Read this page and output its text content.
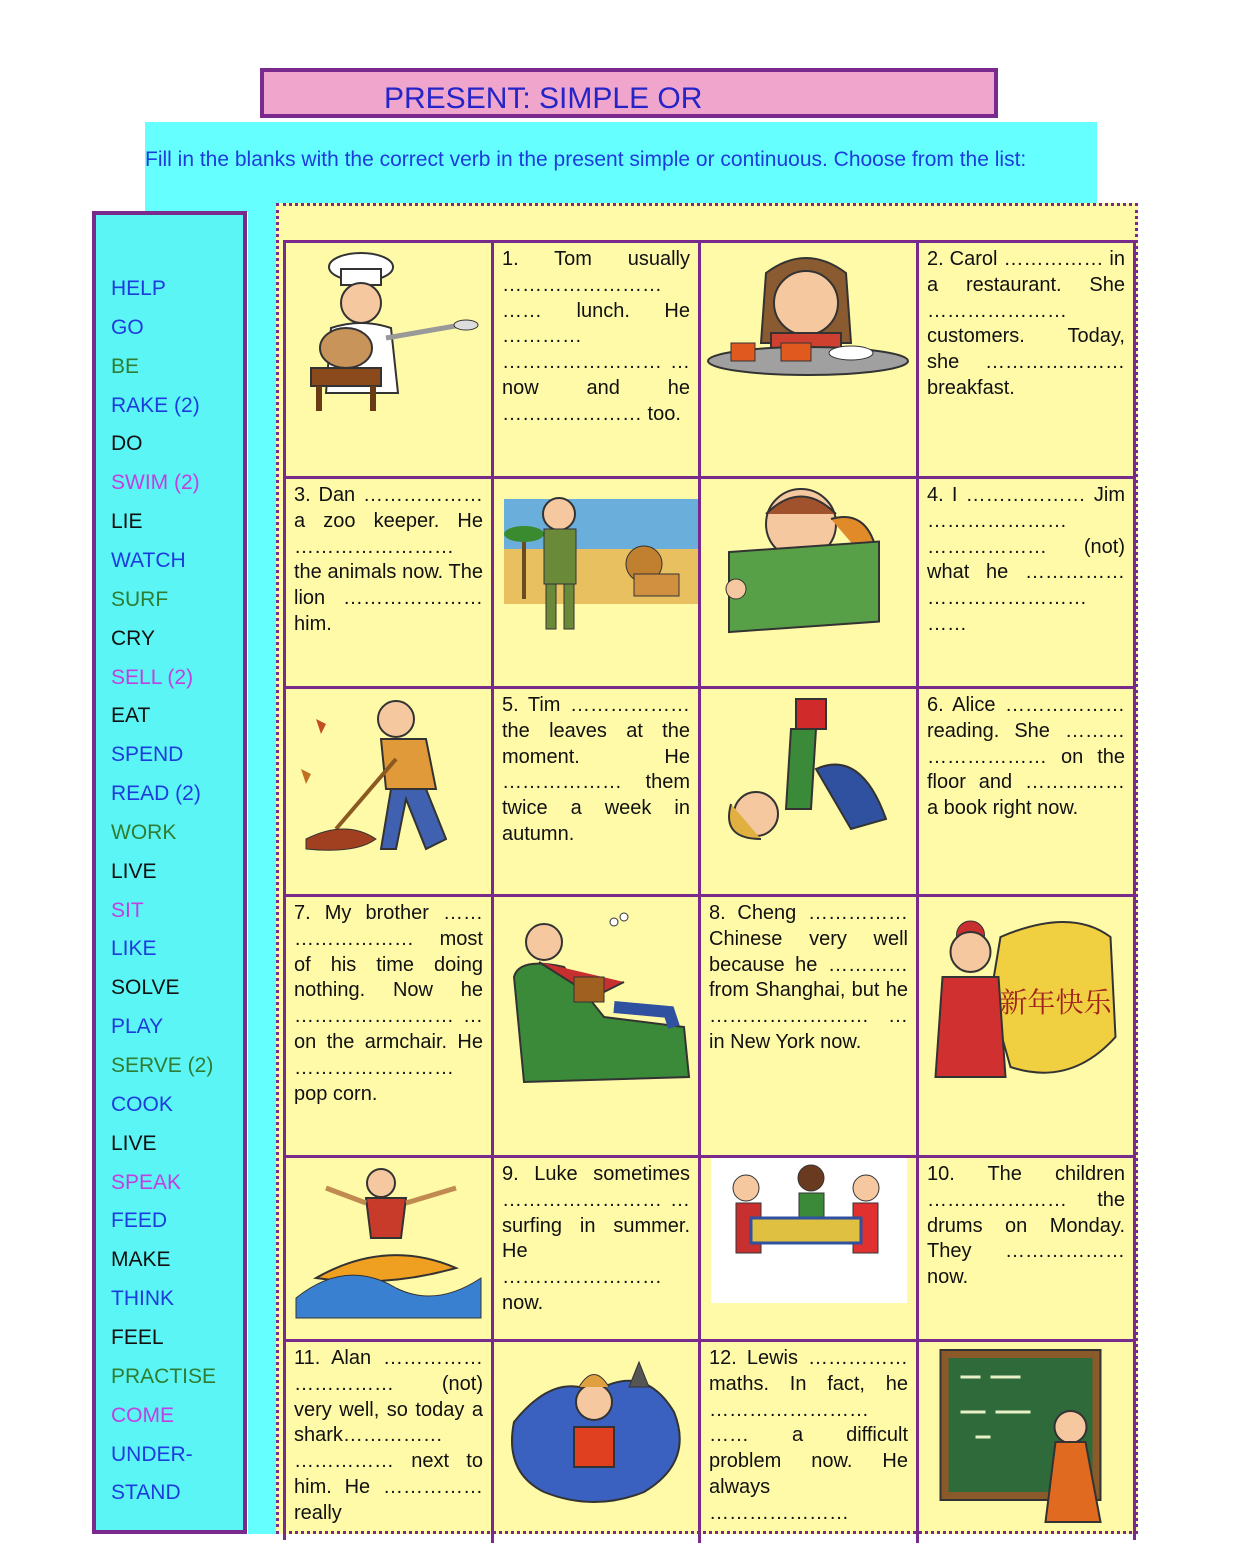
PRESENT: SIMPLE OR
Fill in the blanks with the correct verb in the present simple or continuous. Choose from the list:
HELP
GO
BE
RAKE (2)
DO
SWIM (2)
LIE
WATCH
SURF
CRY
SELL (2)
EAT
SPEND
READ (2)
WORK
LIVE
SIT
LIKE
SOLVE
PLAY
SERVE (2)
COOK
LIVE
SPEAK
FEED
MAKE
THINK
FEEL
PRACTISE
COME
UNDER-
STAND
1. Tom usually …………………… …… lunch. He ………… …………………… … now and he ………………… too.
2. Carol …………… in a restaurant. She ………………… customers. Today, she ………………… breakfast.
3. Dan ……………… a zoo keeper. He …………………… the animals now. The lion ………………… him.
4. I ……………… Jim ………………… ……………… (not) what he …………… …………………… ……
5. Tim ……………… the leaves at the moment. He ……………… them twice a week in autumn.
6. Alice ……………… reading. She ……… ……………… on the floor and …………… a book right now.
7. My brother …… ……………… most of his time doing nothing. Now he …………………… … on the armchair. He …………………… pop corn.
8. Cheng …………… Chinese very well because he ………… from Shanghai, but he …………………… … in New York now.
新年快乐
9. Luke sometimes …………………… … surfing in summer. He …………………… now.
10. The children ………………… the drums on Monday. They ……………… now.
11. Alan …………… …………… (not) very well, so today a shark…………… …………… next to him. He …………… really
12. Lewis …………… maths. In fact, he …………………… …… a difficult problem now. He always …………………
